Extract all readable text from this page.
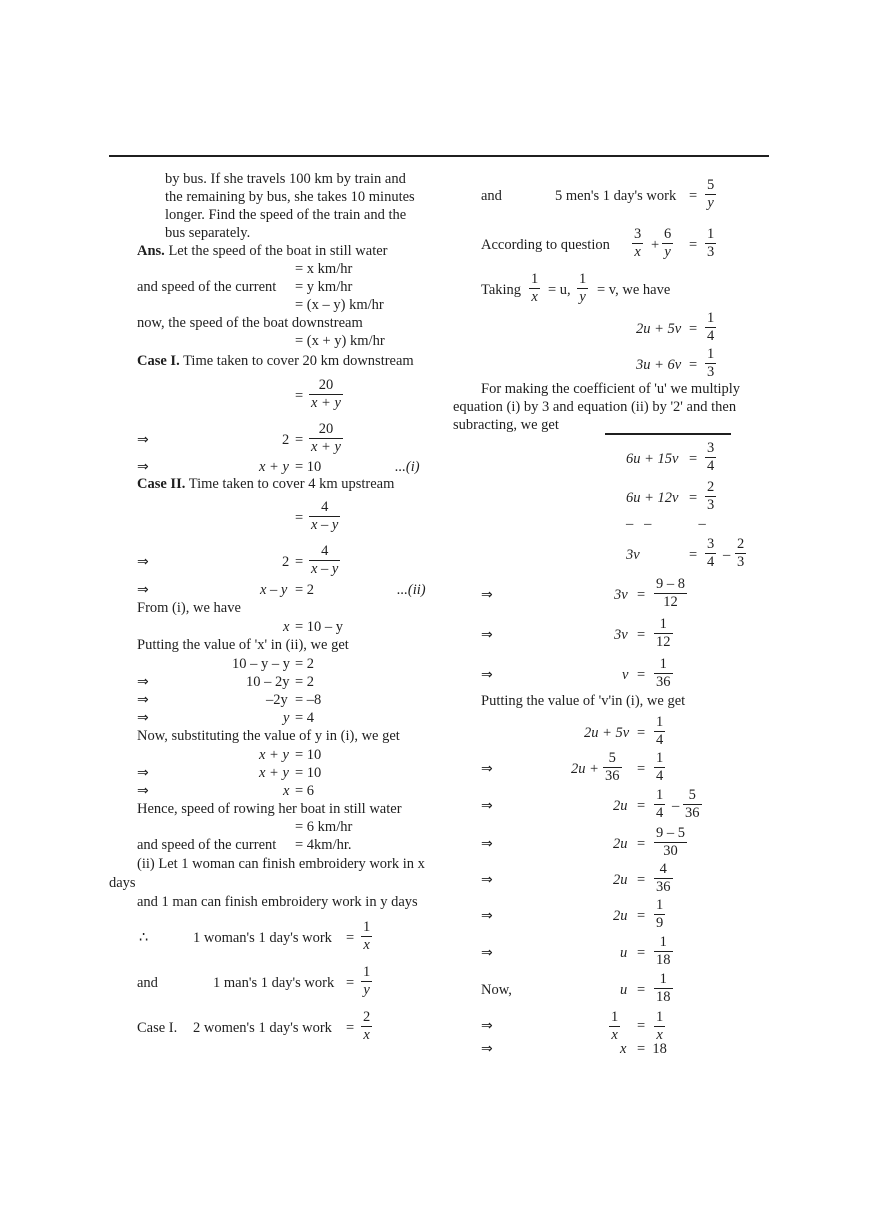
by bus. If she travels 100 km by train and
the remaining by bus, she takes 10 minutes
longer. Find the speed of the train and the
bus separately.
Ans. Let the speed of the boat in still water
= x km/hr
and speed of the current = y km/hr
= (x – y) km/hr
now, the speed of the boat downstream
= (x + y) km/hr
Case I. Time taken to cover 20 km downstream
= $\frac{20}{x + y}$
⇒	$2 = \frac{20}{x + y}$
⇒	x + y = 10	...(i)
Case II. Time taken to cover 4 km upstream
= $\frac{4}{x - y}$
⇒	$2 = \frac{4}{x - y}$
⇒	x – y = 2	...(ii)
From (i), we have
x = 10 – y
Putting the value of 'x' in (ii), we get
10 – y – y = 2
⇒	10 – 2y = 2
⇒	–2y = –8
⇒	y = 4
Now, substituting the value of y in (i), we get
x + y = 10
⇒	x + y = 10
⇒	x = 6
Hence, speed of rowing her boat in still water
= 6 km/hr
and speed of the current = 4km/hr.
(ii) Let 1 woman can finish embroidery work in x
days
and 1 man can finish embroidery work in y days
∴	1 woman's 1 day's work = $\frac{1}{x}$
and	1 man's 1 day's work = $\frac{1}{y}$
Case I. 2 women's 1 day's work = $\frac{2}{x}$
and	5 men's 1 day's work = $\frac{5}{y}$
According to question $\frac{3}{x} + \frac{6}{y} = \frac{1}{3}$
Taking $\frac{1}{x} = u$, $\frac{1}{y} = v$, we have
$2u + 5v = \frac{1}{4}$
$3u + 6v = \frac{1}{3}$
For making the coefficient of 'u' we multiply
equation (i) by 3 and equation (ii) by '2' and then
subracting, we get
$6u + 15v = \frac{3}{4}$
$6u + 12v = \frac{2}{3}$
–   –             –
3v	= $\frac{3}{4} - \frac{2}{3}$
⇒	$3v = \frac{9 - 8}{12}$
⇒	$3v = \frac{1}{12}$
⇒	$v = \frac{1}{36}$
Putting the value of 'v'in (i), we get
$2u + 5v = \frac{1}{4}$
⇒	$2u + \frac{5}{36} = \frac{1}{4}$
⇒	$2u = \frac{1}{4} - \frac{5}{36}$
⇒	$2u = \frac{9 - 5}{30}$
⇒	$2u = \frac{4}{36}$
⇒	$2u = \frac{1}{9}$
⇒	$u = \frac{1}{18}$
Now,	$u = \frac{1}{18}$
⇒	$\frac{1}{x} = \frac{1}{x}$
⇒	x =  18
